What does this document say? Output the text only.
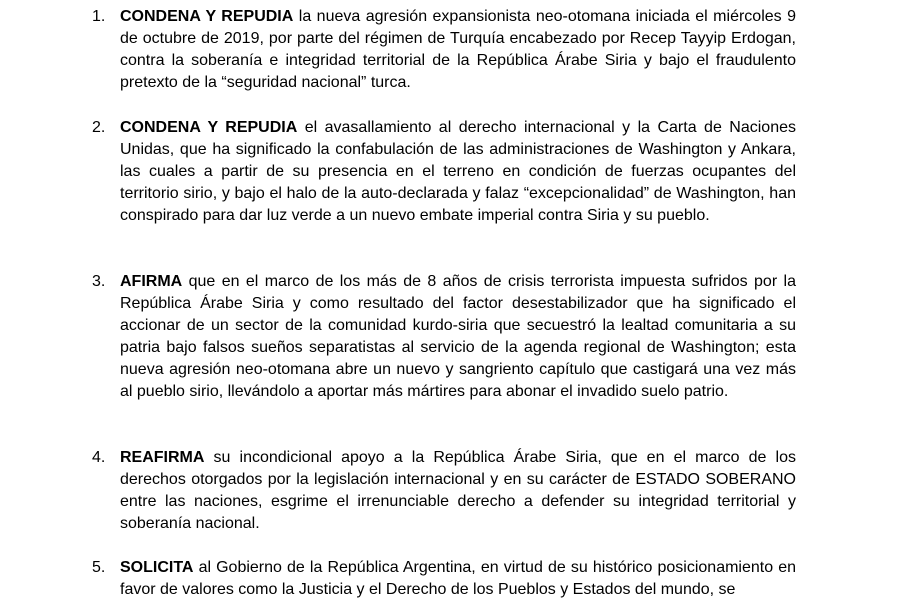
1. CONDENA Y REPUDIA la nueva agresión expansionista neo-otomana iniciada el miércoles 9 de octubre de 2019, por parte del régimen de Turquía encabezado por Recep Tayyip Erdogan, contra la soberanía e integridad territorial de la República Árabe Siria y bajo el fraudulento pretexto de la “seguridad nacional” turca.
2. CONDENA Y REPUDIA el avasallamiento al derecho internacional y la Carta de Naciones Unidas, que ha significado la confabulación de las administraciones de Washington y Ankara, las cuales a partir de su presencia en el terreno en condición de fuerzas ocupantes del territorio sirio, y bajo el halo de la auto-declarada y falaz “excepcionalidad” de Washington, han conspirado para dar luz verde a un nuevo embate imperial contra Siria y su pueblo.
3. AFIRMA que en el marco de los más de 8 años de crisis terrorista impuesta sufridos por la República Árabe Siria y como resultado del factor desestabilizador que ha significado el accionar de un sector de la comunidad kurdo-siria que secuestró la lealtad comunitaria a su patria bajo falsos sueños separatistas al servicio de la agenda regional de Washington; esta nueva agresión neo-otomana abre un nuevo y sangriento capítulo que castigará una vez más al pueblo sirio, llevándolo a aportar más mártires para abonar el invadido suelo patrio.
4. REAFIRMA su incondicional apoyo a la República Árabe Siria, que en el marco de los derechos otorgados por la legislación internacional y en su carácter de ESTADO SOBERANO entre las naciones, esgrime el irrenunciable derecho a defender su integridad territorial y soberanía nacional.
5. SOLICITA al Gobierno de la República Argentina, en virtud de su histórico posicionamiento en favor de valores como la Justicia y el Derecho de los Pueblos y Estados del mundo, se
